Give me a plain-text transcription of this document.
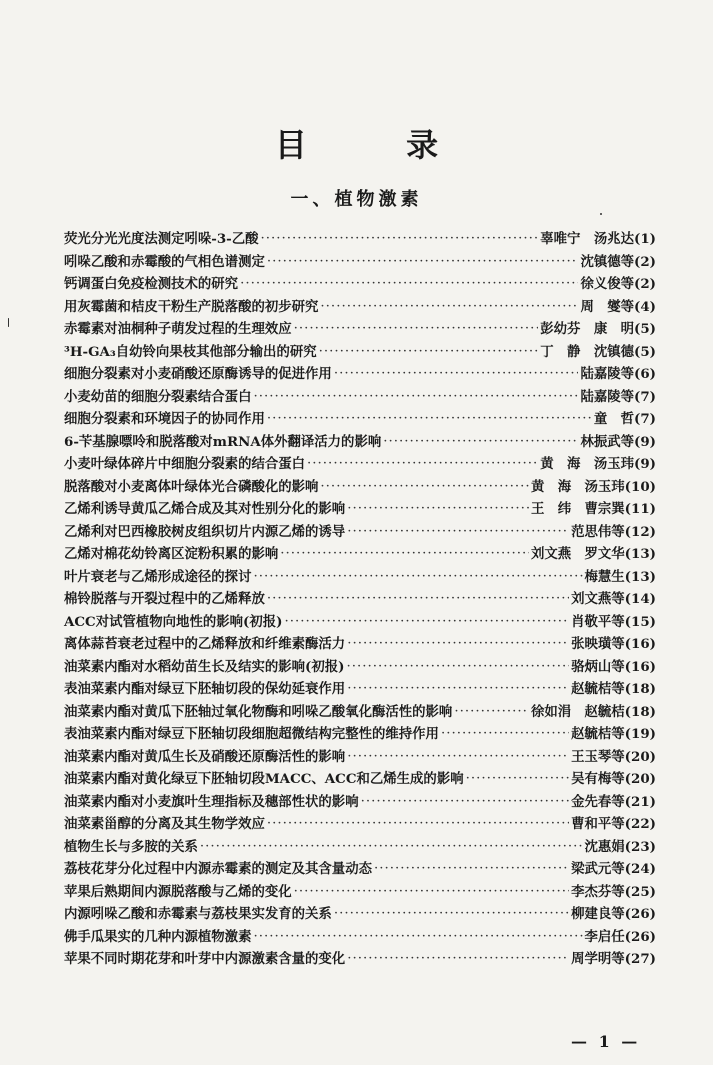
目 录
一、植物激素
荧光分光光度法测定吲哚-3-乙酸 ·····	辜唯宁　汤兆达(1)
吲哚乙酸和赤霉酸的气相色谱测定 ·····	沈镇德等(2)
钙调蛋白免疫检测技术的研究 ·····	徐义俊等(2)
用灰霉菌和桔皮干粉生产脱落酸的初步研究 ·····	周　燮等(4)
赤霉素对油桐种子萌发过程的生理效应 ·····	彭幼芬　康　明(5)
³H-GA₃自幼铃向果枝其他部分输出的研究 ·····	丁　静　沈镇德(5)
细胞分裂素对小麦硝酸还原酶诱导的促进作用 ·····	陆嘉陵等(6)
小麦幼苗的细胞分裂素结合蛋白 ·····	陆嘉陵等(7)
细胞分裂素和环境因子的协同作用 ·····	童　哲(7)
6-苄基腺嘌呤和脱落酸对mRNA体外翻译活力的影响 ·····	林振武等(9)
小麦叶绿体碎片中细胞分裂素的结合蛋白 ·····	黄　海　汤玉玮(9)
脱落酸对小麦离体叶绿体光合磷酸化的影响 ·····	黄　海　汤玉玮(10)
乙烯利诱导黄瓜乙烯合成及其对性别分化的影响 ·····	王　纬　曹宗巽(11)
乙烯利对巴西橡胶树皮组织切片内源乙烯的诱导 ·····	范思伟等(12)
乙烯对棉花幼铃离区淀粉积累的影响 ·····	刘文燕　罗文华(13)
叶片衰老与乙烯形成途径的探讨 ·····	梅慧生(13)
棉铃脱落与开裂过程中的乙烯释放 ·····	刘文燕等(14)
ACC对试管植物向地性的影响(初报) ·····	肖敬平等(15)
离体蒜苔衰老过程中的乙烯释放和纤维素酶活力 ·····	张映璜等(16)
油菜素内酯对水稻幼苗生长及结实的影响(初报) ·····	骆炳山等(16)
表油菜素内酯对绿豆下胚轴切段的保幼延衰作用 ·····	赵毓桔等(18)
油菜素内酯对黄瓜下胚轴过氧化物酶和吲哚乙酸氧化酶活性的影响 ·····	徐如涓　赵毓桔(18)
表油菜素内酯对绿豆下胚轴切段细胞超微结构完整性的维持作用 ·····	赵毓桔等(19)
油菜素内酯对黄瓜生长及硝酸还原酶活性的影响 ·····	王玉琴等(20)
油菜素内酯对黄化绿豆下胚轴切段MACC、ACC和乙烯生成的影响 ·····	吴有梅等(20)
油菜素内酯对小麦旗叶生理指标及穗部性状的影响 ·····	金先春等(21)
油菜素甾醇的分离及其生物学效应 ·····	曹和平等(22)
植物生长与多胺的关系 ·····	沈惠娟(23)
荔枝花芽分化过程中内源赤霉素的测定及其含量动态 ·····	梁武元等(24)
苹果后熟期间内源脱落酸与乙烯的变化 ·····	李杰芬等(25)
内源吲哚乙酸和赤霉素与荔枝果实发育的关系 ·····	柳建良等(26)
佛手瓜果实的几种内源植物激素 ·····	李启任(26)
苹果不同时期花芽和叶芽中内源激素含量的变化 ·····	周学明等(27)
— 1 —
